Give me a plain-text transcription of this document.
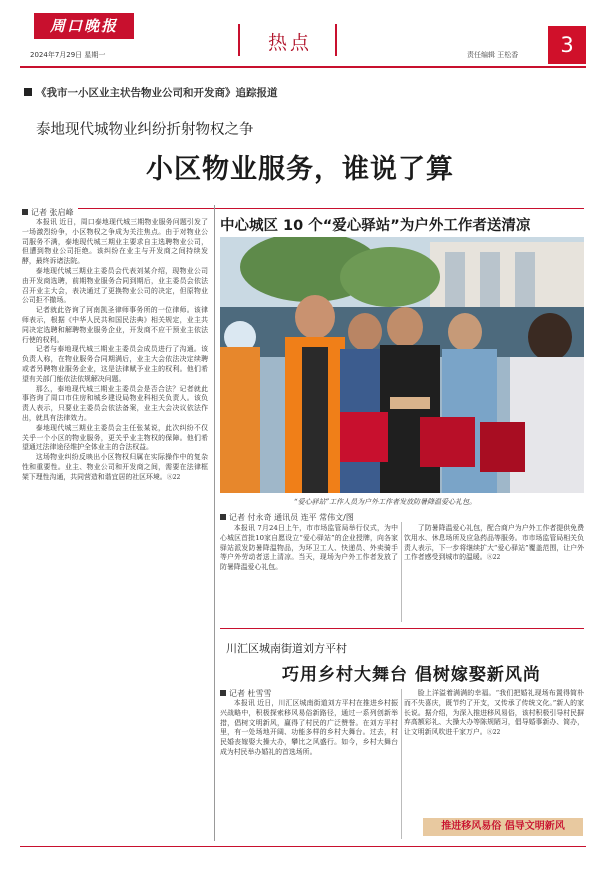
周口晚报
2024年7月29日 星期一
热点
责任编辑 王松香	3
《我市一小区业主状告物业公司和开发商》追踪报道
泰地现代城物业纠纷折射物权之争
小区物业服务，谁说了算
记者 张启峰

本报讯 近日，周口泰地现代城三期物业服务问题引发了一场激烈纷争，小区物权之争成为关注焦点。由于对物业公司服务不满，泰地现代城三期业主要求自主选聘物业公司，但遭到物业公司拒绝。该纠纷在业主与开发商之间持续发酵，最终诉诸法院。

泰地现代城三期业主委员会代表刘某介绍，现物业公司由开发商选聘，前期物业服务合同到期后，业主委员会依法召开业主大会，表决通过了更换物业公司的决定，但原物业公司拒不撤场。

记者就此咨询了河南凯圣律师事务所的一位律师。该律师表示，根据《中华人民共和国民法典》相关规定，业主共同决定选聘和解聘物业服务企业，开发商不应干预业主依法行使的权利。

记者与泰地现代城三期业主委员会成员进行了沟通。该负责人称，在物业服务合同期满后，业主大会依法决定续聘或者另聘物业服务企业，这是法律赋予业主的权利。他们希望有关部门能依法依规解决问题。

那么，泰地现代城三期业主委员会是否合法？记者就此事咨询了周口市住房和城乡建设局物业科相关负责人。该负责人表示，只要业主委员会依法备案，业主大会决议依法作出，就具有法律效力。

泰地现代城三期业主委员会主任张某说，此次纠纷不仅关乎一个小区的物业服务，更关乎业主物权的保障。他们希望通过法律途径维护全体业主的合法权益。

这场物业纠纷反映出小区物权归属在实际操作中的复杂性和重要性。业主、物业公司和开发商之间，需要在法律框架下理性沟通，共同营造和谐宜居的社区环境。Ⓢ22

中心城区 10 个“爱心驿站”为户外工作者送清凉
“爱心驿站”工作人员为户外工作者发放防暑降温爱心礼包。
记者 付永奇 通讯员 连平 常伟文/图

本报讯 7月24日上午，市市场监管局举行仪式，为中心城区首批10家自愿设立“爱心驿站”的企业授牌，向各家驿站派发防暑降温物品，为环卫工人、快递员、外卖骑手等户外劳动者送上清凉。当天，现场为户外工作者发放了防暑降温爱心礼包。

了防暑降温爱心礼包，配合商户为户外工作者提供免费饮用水、休息场所及应急药品等服务。市市场监管局相关负责人表示，下一步将继续扩大“爱心驿站”覆盖范围，让户外工作者感受到城市的温暖。Ⓢ22

川汇区城南街道刘方平村
巧用乡村大舞台 倡树嫁娶新风尚
记者 杜雪雪

本报讯 近日，川汇区城南街道刘方平村在推进乡村振兴战略中，积极探索移风易俗新路径，通过一系列创新举措，倡树文明新风，赢得了村民的广泛赞誉。在刘方平村里，有一处场地开阔、功能多样的乡村大舞台。过去，村民婚丧嫁娶大操大办，攀比之风盛行。如今，乡村大舞台成为村民举办婚礼的首选场所。

脸上洋溢着满满的幸福。“我们把婚礼现场布置得简朴而不失喜庆，既节约了开支，又传承了传统文化。”新人的家长说。据介绍，为深入推进移风易俗，该村积极引导村民摒弃高额彩礼、大操大办等陈规陋习，倡导婚事新办、简办，让文明新风吹进千家万户。Ⓢ22

推进移风易俗 倡导文明新风
